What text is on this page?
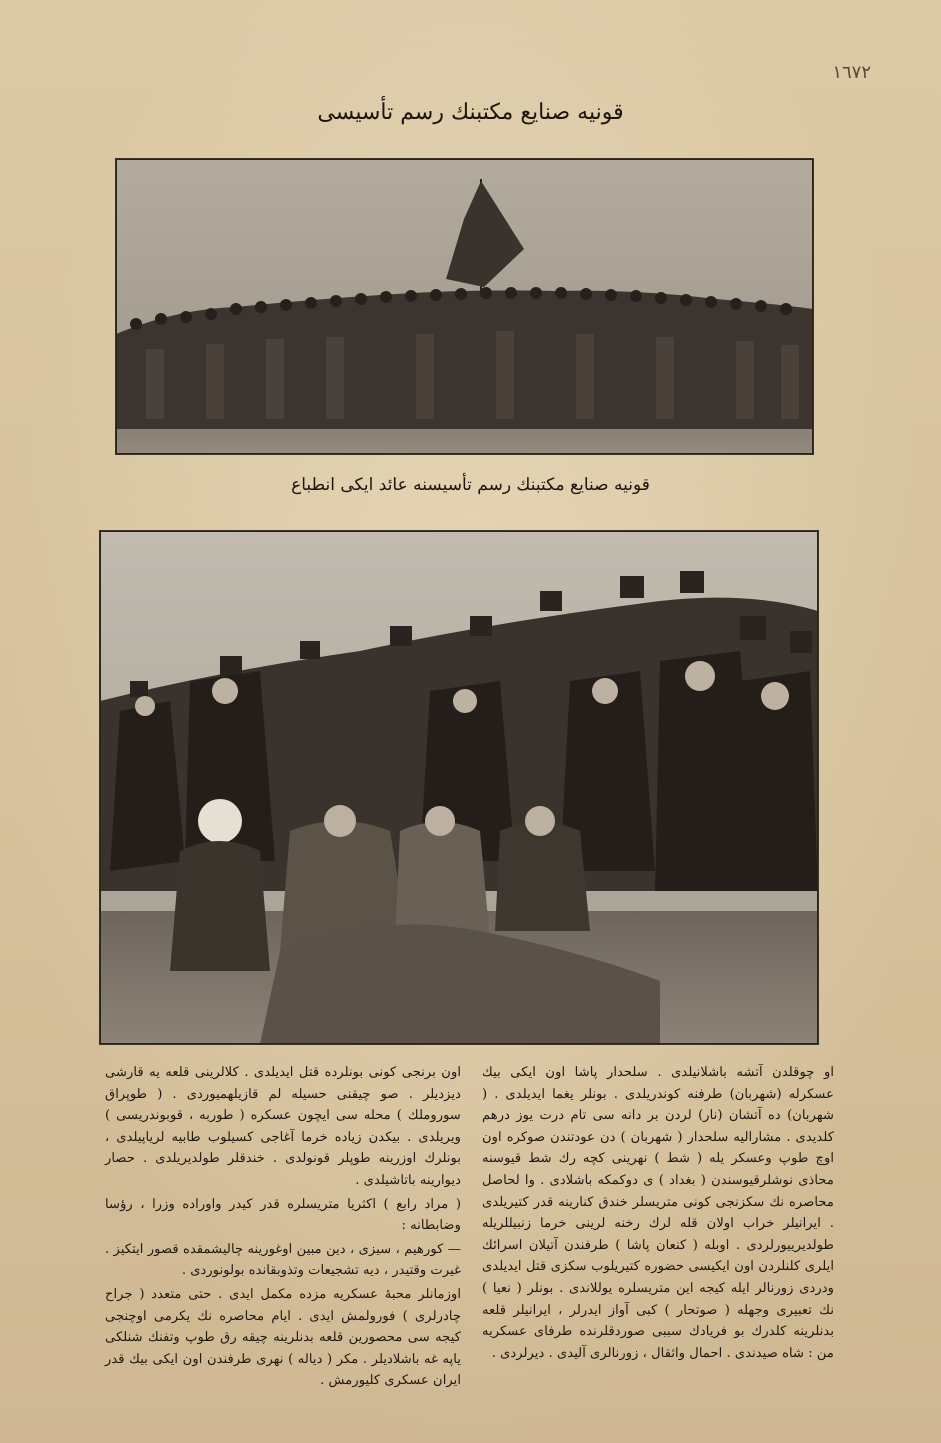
١٦٧٢
قونيه صنايع مكتبنك رسم تأسيسى
قونيه صنايع مكتبنك رسم تأسيسنه عائد ايكى انطباع

او چوقلدن آتشه باشلانيلدى . سلحدار پاشا اون ايكى بيك عسكرله (شهربان) طرفنه كوندريلدى . بونلر يغما ايديلدى . ( شهربان) ده آتشان (نار) لردن بر دانه سى تام درت يوز درهم كلديدى . مشاراليه سلحدار ( شهربان ) دن عودتندن صوكره اون اوچ طوپ وعسكر يله ( شط ) نهرينى كچه رك شط قيوسنه محاذى نوشلرقيوسندن ( بغداد ) ى دوكمكه باشلادى . وا لحاصل محاصره نك سكزنجى كونى متريسلر خندق كنارينه قدر كتيريلدى . ايرانيلر خراب اولان قله لرك رخنه لرينى خرما زنبيللريله طولديرييورلردى . اوبله ( كنعان پاشا ) طرفندن آتيلان اسرائك ايلرى كلنلردن اون ايكيسى حضوره كتيريلوب سكزى قتل ايديلدى ودردى زورنالر ايله كيجه اين متريسلره يوللاندى . بونلر ( نعيا ) نك تعبيرى وجهله ( صوتحار ) كبى آواز ايدرلر ، ايرانيلر قلعه بدنلرينه كلدرك بو فريادك سببى صوردقلرنده طرفاى عسكريه من : شاه صيدندى . احمال واثقال ، زورنالرى آليدى . ديرلردى .

اون برنجى كونى بونلرده قتل ايديلدى . كلالرينى قلعه يه قارشى ديزديلر . صو چيقنى حسيله لم قازيلهميوردى . ( طوپراق سوروملك ) محله سى ايچون عسكره ( طوربه ، قوبوندريسى ) ويريلدى . بيكدن زياده خرما آغاجى كسيلوب طابيه لرياپيلدى ، بونلرك اوزرينه طوپلر قونولدى . خندقلر طولديريلدى . حصار ديوارينه باتاشيلدى .

( مراد رابع ) اكثريا متريسلره قدر كيدر واوراده وزرا ، رؤسا وضابطانه :

— كورهيم ، سيزى ، دين مبين اوغورينه چاليشمقده قصور ايتكيز . غيرت وقتيدر ، ديه تشجيعات وتذوبقانده بولونوردى .

اوزمانلر محبهٔ عسكريه مزده مكمل ايدى . حتى متعدد ( جراح چادرلرى ) فورولمش ايدى . ايام محاصره نك يكرمى اوچنجى كيجه سى محصورين قلعه بدنلرينه چيقه رق طوپ وتفنك شنلكى ياپه غه باشلاديلر . مكر ( ديالە ) نهرى طرفندن اون ايكى بيك قدر ايران عسكرى كليورمش .
